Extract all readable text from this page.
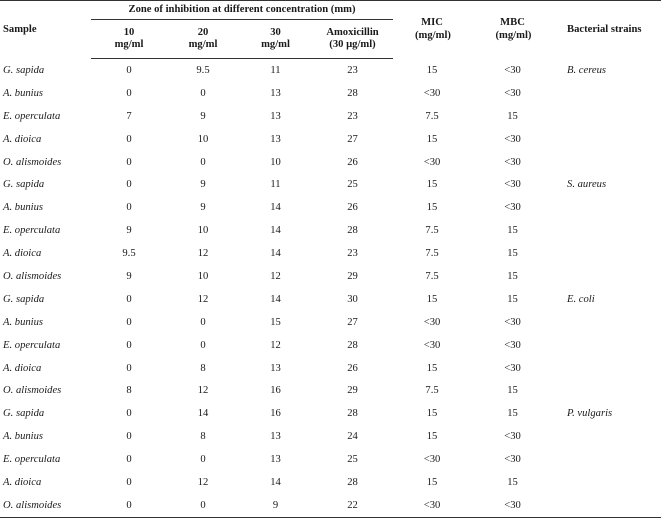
Sample	Zone of inhibition at different concentration (mm)				MIC (mg/ml)	MBC (mg/ml)	Bacterial strains
	10 mg/ml	20 mg/ml	30 mg/ml	Amoxicillin (30 µg/ml)			
G. sapida	0	9.5	11	23	15	<30	B. cereus
A. bunius	0	0	13	28	<30	<30	
E. operculata	7	9	13	23	7.5	15	
A. dioica	0	10	13	27	15	<30	
O. alismoides	0	0	10	26	<30	<30	
G. sapida	0	9	11	25	15	<30	S. aureus
A. bunius	0	9	14	26	15	<30	
E. operculata	9	10	14	28	7.5	15	
A. dioica	9.5	12	14	23	7.5	15	
O. alismoides	9	10	12	29	7.5	15	
G. sapida	0	12	14	30	15	15	E. coli
A. bunius	0	0	15	27	<30	<30	
E. operculata	0	0	12	28	<30	<30	
A. dioica	0	8	13	26	15	<30	
O. alismoides	8	12	16	29	7.5	15	
G. sapida	0	14	16	28	15	15	P. vulgaris
A. bunius	0	8	13	24	15	<30	
E. operculata	0	0	13	25	<30	<30	
A. dioica	0	12	14	28	15	15	
O. alismoides	0	0	9	22	<30	<30	
